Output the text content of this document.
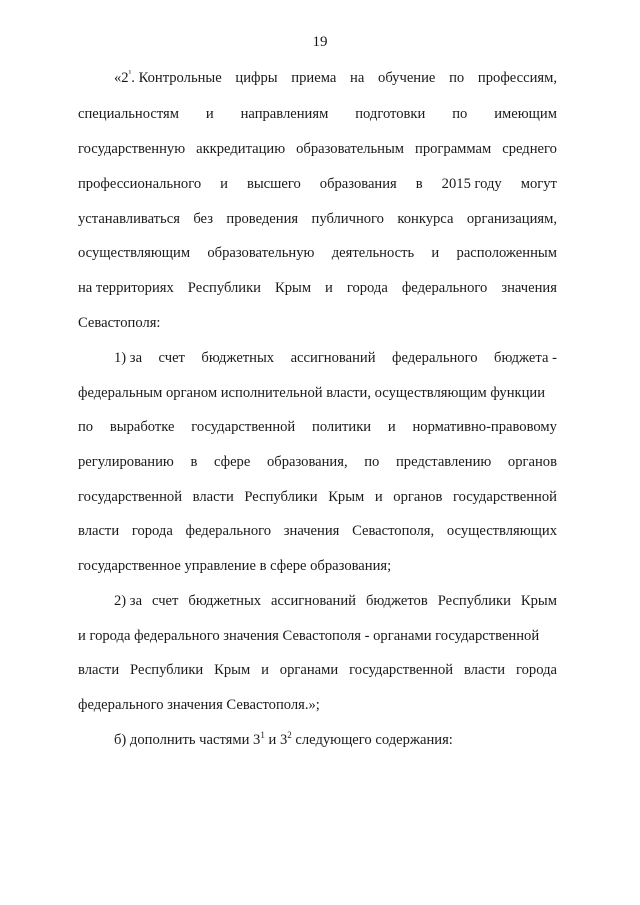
19
«$2^{^1}$. Контрольные цифры приема на обучение по профессиям,
специальностям и направлениям подготовки по имеющим
государственную аккредитацию образовательным программам среднего
профессионального и высшего образования в 2015 году могут
устанавливаться без проведения публичного конкурса организациям,
осуществляющим образовательную деятельность и расположенным
на территориях Республики Крым и города федерального значения
Севастополя:
1) за счет бюджетных ассигнований федерального бюджета -
федеральным органом исполнительной власти, осуществляющим функции
по выработке государственной политики и нормативно-правовому
регулированию в сфере образования, по представлению органов
государственной власти Республики Крым и органов государственной
власти города федерального значения Севастополя, осуществляющих
государственное управление в сфере образования;
2) за счет бюджетных ассигнований бюджетов Республики Крым
и города федерального значения Севастополя - органами государственной
власти Республики Крым и органами государственной власти города
федерального значения Севастополя.»;
б) дополнить частями $3^1$ и $3^2$ следующего содержания:
